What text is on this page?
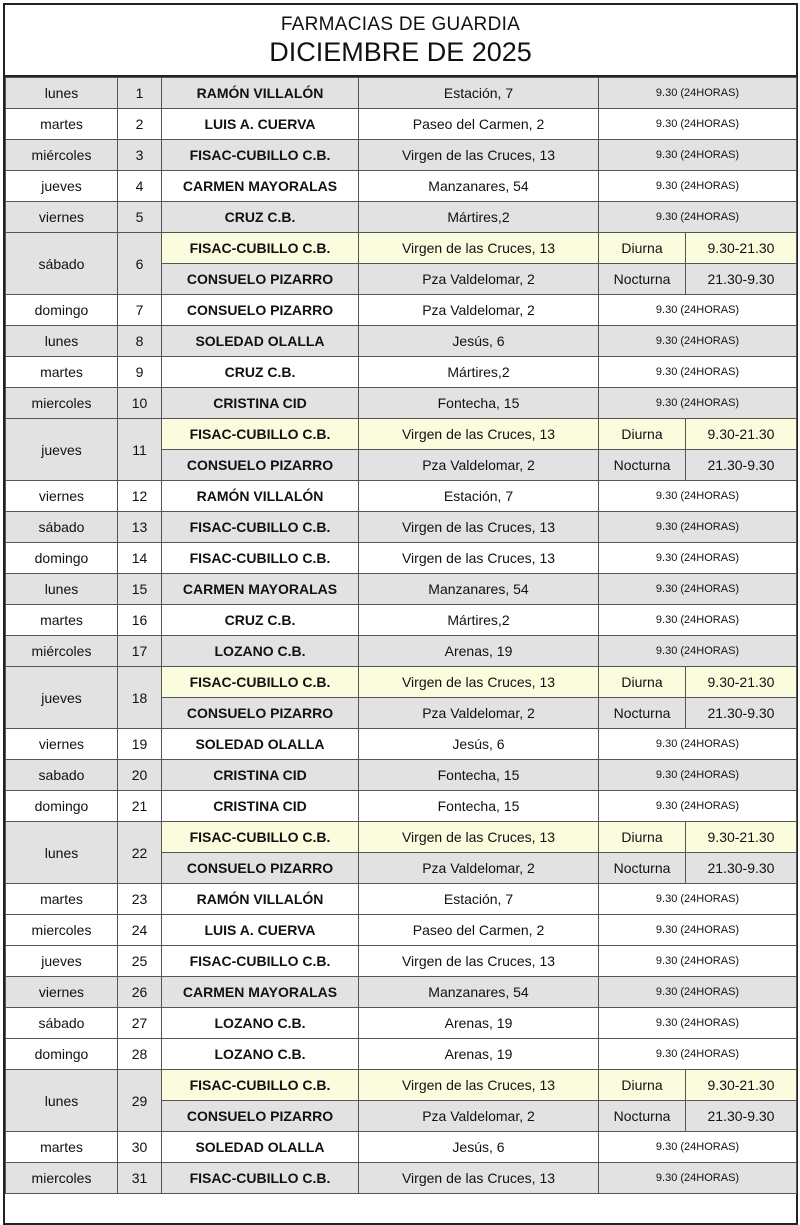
FARMACIAS DE GUARDIA
DICIEMBRE DE 2025
lunes	1	RAMÓN VILLALÓN	Estación, 7	9.30 (24HORAS)	
martes	2	LUIS A. CUERVA	Paseo del Carmen, 2	9.30 (24HORAS)	
miércoles	3	FISAC-CUBILLO C.B.	Virgen de las Cruces, 13	9.30 (24HORAS)	
jueves	4	CARMEN MAYORALAS	Manzanares, 54	9.30 (24HORAS)	
viernes	5	CRUZ C.B.	Mártires,2	9.30 (24HORAS)	
sábado	6	FISAC-CUBILLO C.B.	Virgen de las Cruces, 13	Diurna	9.30-21.30
		CONSUELO PIZARRO	Pza Valdelomar, 2	Nocturna	21.30-9.30
domingo	7	CONSUELO PIZARRO	Pza Valdelomar, 2	9.30 (24HORAS)	
lunes	8	SOLEDAD OLALLA	Jesús, 6	9.30 (24HORAS)	
martes	9	CRUZ C.B.	Mártires,2	9.30 (24HORAS)	
miercoles	10	CRISTINA CID	Fontecha, 15	9.30 (24HORAS)	
jueves	11	FISAC-CUBILLO C.B.	Virgen de las Cruces, 13	Diurna	9.30-21.30
		CONSUELO PIZARRO	Pza Valdelomar, 2	Nocturna	21.30-9.30
viernes	12	RAMÓN VILLALÓN	Estación, 7	9.30 (24HORAS)	
sábado	13	FISAC-CUBILLO C.B.	Virgen de las Cruces, 13	9.30 (24HORAS)	
domingo	14	FISAC-CUBILLO C.B.	Virgen de las Cruces, 13	9.30 (24HORAS)	
lunes	15	CARMEN MAYORALAS	Manzanares, 54	9.30 (24HORAS)	
martes	16	CRUZ C.B.	Mártires,2	9.30 (24HORAS)	
miércoles	17	LOZANO C.B.	Arenas, 19	9.30 (24HORAS)	
jueves	18	FISAC-CUBILLO C.B.	Virgen de las Cruces, 13	Diurna	9.30-21.30
		CONSUELO PIZARRO	Pza Valdelomar, 2	Nocturna	21.30-9.30
viernes	19	SOLEDAD OLALLA	Jesús, 6	9.30 (24HORAS)	
sabado	20	CRISTINA CID	Fontecha, 15	9.30 (24HORAS)	
domingo	21	CRISTINA CID	Fontecha, 15	9.30 (24HORAS)	
lunes	22	FISAC-CUBILLO C.B.	Virgen de las Cruces, 13	Diurna	9.30-21.30
		CONSUELO PIZARRO	Pza Valdelomar, 2	Nocturna	21.30-9.30
martes	23	RAMÓN VILLALÓN	Estación, 7	9.30 (24HORAS)	
miercoles	24	LUIS A. CUERVA	Paseo del Carmen, 2	9.30 (24HORAS)	
jueves	25	FISAC-CUBILLO C.B.	Virgen de las Cruces, 13	9.30 (24HORAS)	
viernes	26	CARMEN MAYORALAS	Manzanares, 54	9.30 (24HORAS)	
sábado	27	LOZANO C.B.	Arenas, 19	9.30 (24HORAS)	
domingo	28	LOZANO C.B.	Arenas, 19	9.30 (24HORAS)	
lunes	29	FISAC-CUBILLO C.B.	Virgen de las Cruces, 13	Diurna	9.30-21.30
		CONSUELO PIZARRO	Pza Valdelomar, 2	Nocturna	21.30-9.30
martes	30	SOLEDAD OLALLA	Jesús, 6	9.30 (24HORAS)	
miercoles	31	FISAC-CUBILLO C.B.	Virgen de las Cruces, 13	9.30 (24HORAS)	
